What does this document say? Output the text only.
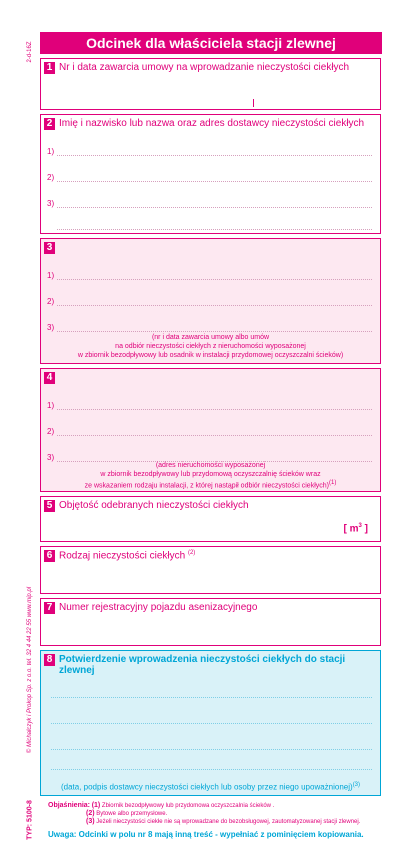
2-d-16Z	Odcinek dla właściciela stacji zlewnej
1 Nr i data zawarcia umowy na wprowadzanie nieczystości ciekłych
2 Imię i nazwisko lub nazwa oraz adres dostawcy nieczystości ciekłych
1)
2)
3)
3
1)
2)
3)
(nr i data zawarcia umowy albo umów
na odbiór nieczystości ciekłych z nieruchomości wyposażonej
w zbiornik bezodpływowy lub osadnik w instalacji przydomowej oczyszczalni ścieków)
4
1)
2)
3)
(adres nieruchomości wyposażonej
w zbiornik bezodpływowy lub przydomową oczyszczalnię ścieków wraz
ze wskazaniem rodzaju instalacji, z której nastąpił odbiór nieczystości ciekłych)$^{(1)}$
5 Objętość odebranych nieczystości ciekłych
[ $m^3$ ]
6 Rodzaj nieczystości ciekłych $^{(2)}$
7 Numer rejestracyjny pojazdu asenizacyjnego
8 Potwierdzenie wprowadzenia nieczystości ciekłych do stacji zlewnej
(data, podpis dostawcy nieczystości ciekłych lub osoby przez niego upoważnionej)$^{(3)}$
© Michalczyk i Prokop Sp. z o.o. tel. 32 4 44 22 55 www.mip.pl
TYP: 5100-8 Objaśnienia: (1) Zbiornik bezodpływowy lub przydomowa oczyszczalnia ścieków .
(2) Bytowe albo przemysłowe.
(3) Jeżeli nieczystości ciekłe nie są wprowadzane do bezobsługowej, zautomatyzowanej stacji zlewnej.
Uwaga: Odcinki w polu nr 8 mają inną treść - wypełniać z pominięciem kopiowania.
